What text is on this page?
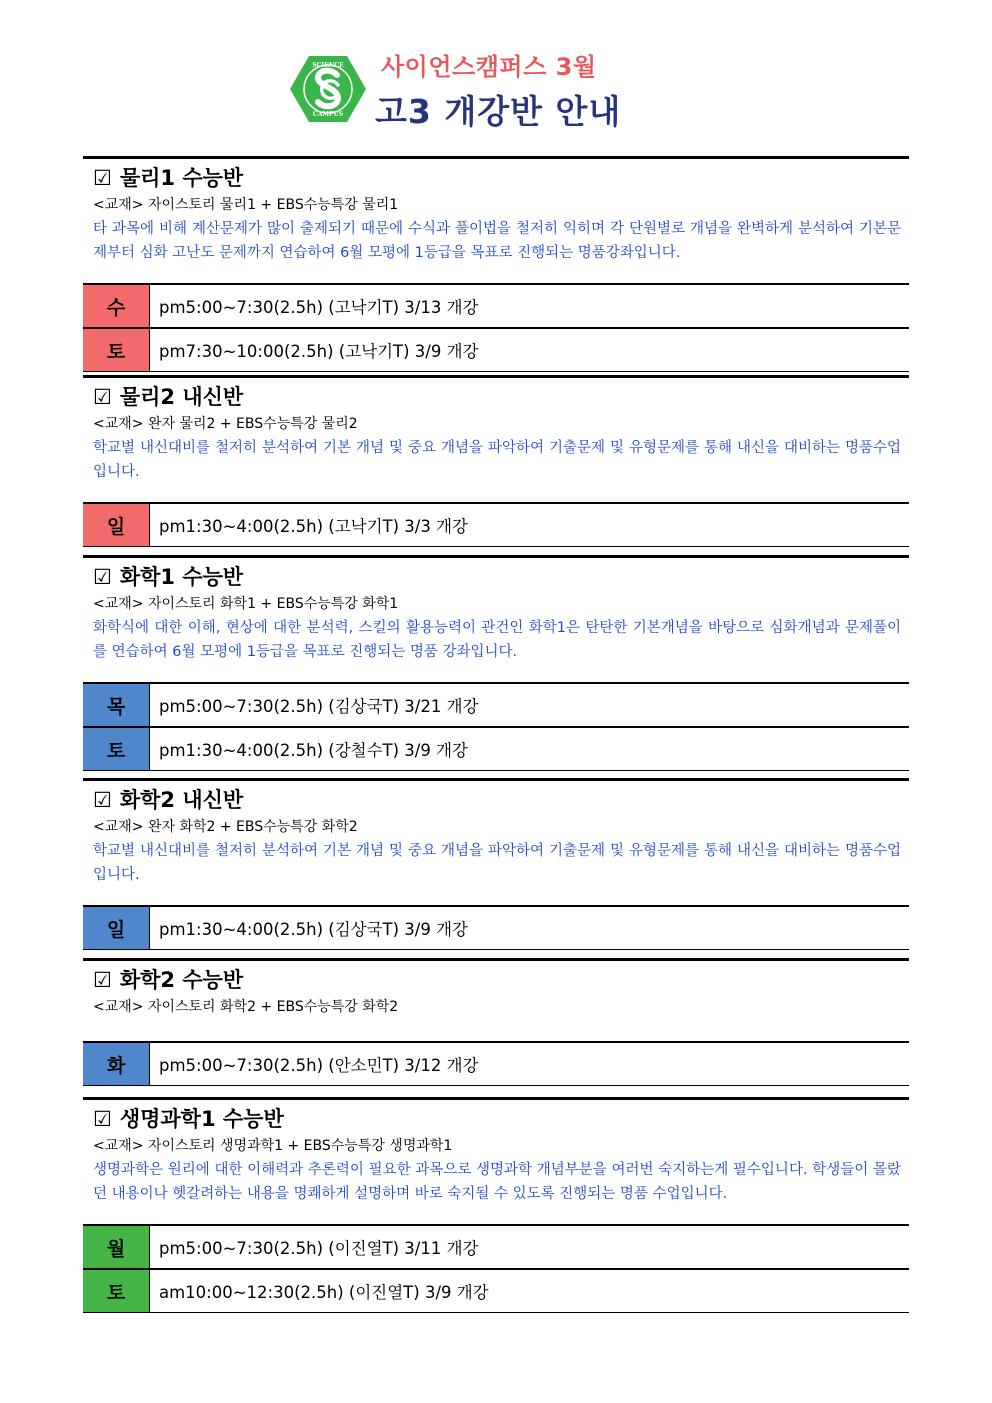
SCIENCE
CAMPUS
사이언스캠퍼스 3월
고3 개강반 안내
☑ 물리1 수능반
<교재> 자이스토리 물리1 + EBS수능특강 물리1
타 과목에 비해 계산문제가 많이 출제되기 때문에 수식과 풀이법을 철저히 익히며 각 단원별로 개념을 완벽하게 분석하여 기본문제부터 심화 고난도 문제까지 연습하여 6월 모평에 1등급을 목표로 진행되는 명품강좌입니다.
수	pm5:00~7:30(2.5h) (고낙기T) 3/13 개강
토	pm7:30~10:00(2.5h) (고낙기T) 3/9 개강
☑ 물리2 내신반
<교재> 완자 물리2 + EBS수능특강 물리2
학교별 내신대비를 철저히 분석하여 기본 개념 및 중요 개념을 파악하여 기출문제 및 유형문제를 통해 내신을 대비하는 명품수업입니다.
일	pm1:30~4:00(2.5h) (고낙기T) 3/3 개강
☑ 화학1 수능반
<교재> 자이스토리 화학1 + EBS수능특강 화학1
화학식에 대한 이해, 현상에 대한 분석력, 스킬의 활용능력이 관건인 화학1은 탄탄한 기본개념을 바탕으로 심화개념과 문제풀이를 연습하여 6월 모평에 1등급을 목표로 진행되는 명품 강좌입니다.
목	pm5:00~7:30(2.5h) (김상국T) 3/21 개강
토	pm1:30~4:00(2.5h) (강철수T) 3/9 개강
☑ 화학2 내신반
<교재> 완자 화학2 + EBS수능특강 화학2
학교별 내신대비를 철저히 분석하여 기본 개념 및 중요 개념을 파악하여 기출문제 및 유형문제를 통해 내신을 대비하는 명품수업입니다.
일	pm1:30~4:00(2.5h) (김상국T) 3/9 개강
☑ 화학2 수능반
<교재> 자이스토리 화학2 + EBS수능특강 화학2
화	pm5:00~7:30(2.5h) (안소민T) 3/12 개강
☑ 생명과학1 수능반
<교재> 자이스토리 생명과학1 + EBS수능특강 생명과학1
생명과학은 원리에 대한 이해력과 추론력이 필요한 과목으로 생명과학 개념부분을 여러번 숙지하는게 필수입니다. 학생들이 몰랐던 내용이나 헷갈려하는 내용을 명쾌하게 설명하며 바로 숙지될 수 있도록 진행되는 명품 수업입니다.
월	pm5:00~7:30(2.5h) (이진열T) 3/11 개강
토	am10:00~12:30(2.5h) (이진열T) 3/9 개강
